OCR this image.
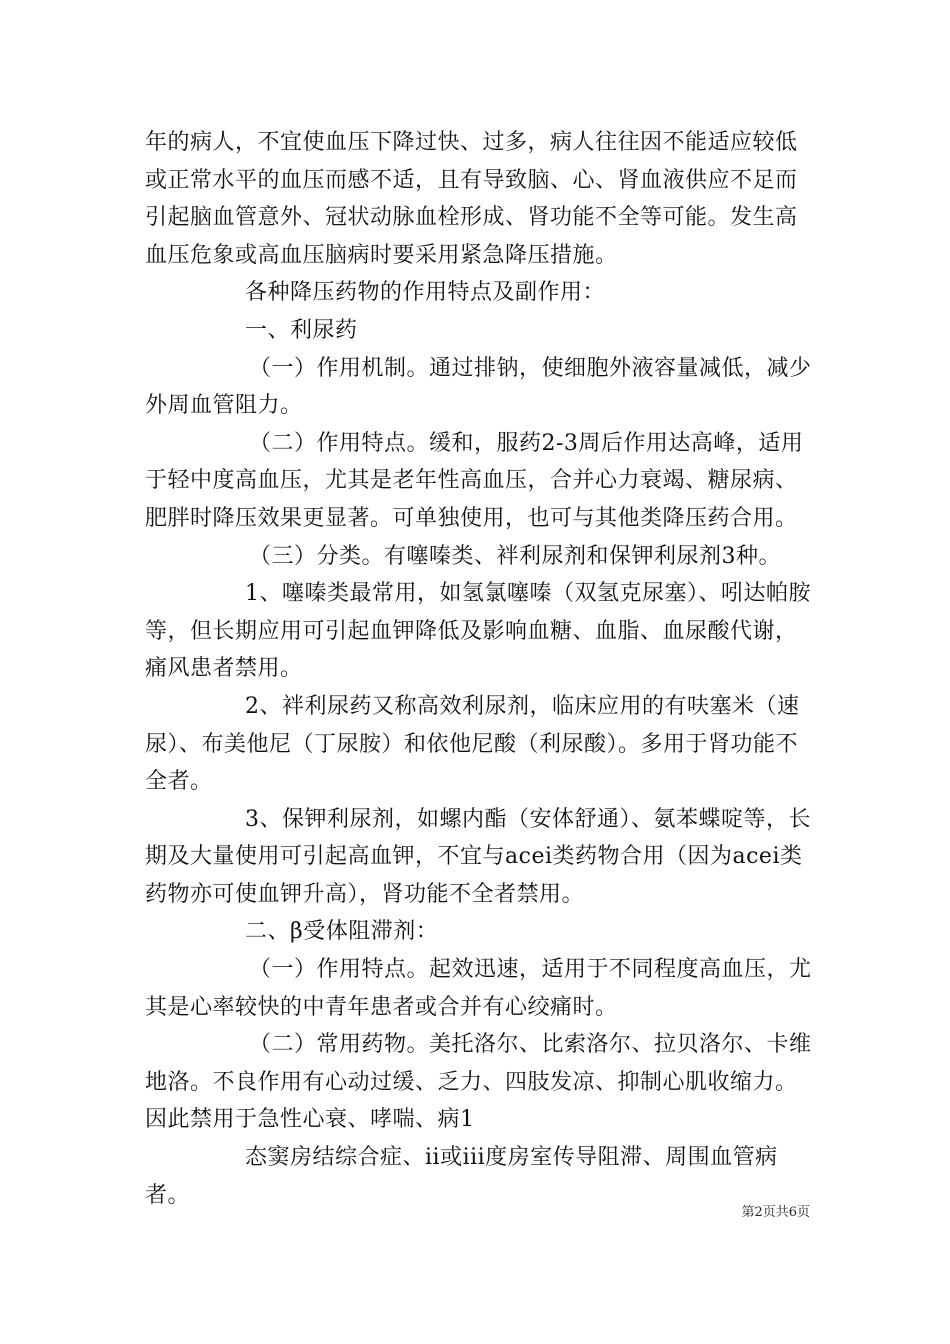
年的病人，不宜使血压下降过快、过多，病人往往因不能适应较低或正常水平的血压而感不适，且有导致脑、心、肾血液供应不足而引起脑血管意外、冠状动脉血栓形成、肾功能不全等可能。发生高血压危象或高血压脑病时要采用紧急降压措施。

各种降压药物的作用特点及副作用：

一、利尿药

（一）作用机制。通过排钠，使细胞外液容量减低，减少外周血管阻力。

（二）作用特点。缓和，服药2-3周后作用达高峰，适用于轻中度高血压，尤其是老年性高血压，合并心力衰竭、糖尿病、肥胖时降压效果更显著。可单独使用，也可与其他类降压药合用。

（三）分类。有噻嗪类、袢利尿剂和保钾利尿剂3种。

1、噻嗪类最常用，如氢氯噻嗪（双氢克尿塞）、吲达帕胺等，但长期应用可引起血钾降低及影响血糖、血脂、血尿酸代谢，痛风患者禁用。

2、袢利尿药又称高效利尿剂，临床应用的有呋塞米（速尿）、布美他尼（丁尿胺）和依他尼酸（利尿酸）。多用于肾功能不全者。

3、保钾利尿剂，如螺内酯（安体舒通）、氨苯蝶啶等，长期及大量使用可引起高血钾，不宜与acei类药物合用（因为acei类药物亦可使血钾升高），肾功能不全者禁用。

二、β受体阻滞剂：

（一）作用特点。起效迅速，适用于不同程度高血压，尤其是心率较快的中青年患者或合并有心绞痛时。

（二）常用药物。美托洛尔、比索洛尔、拉贝洛尔、卡维地洛。不良作用有心动过缓、乏力、四肢发凉、抑制心肌收缩力。因此禁用于急性心衰、哮喘、病1

态窦房结综合症、ii或iii度房室传导阻滞、周围血管病者。

第2页共6页
